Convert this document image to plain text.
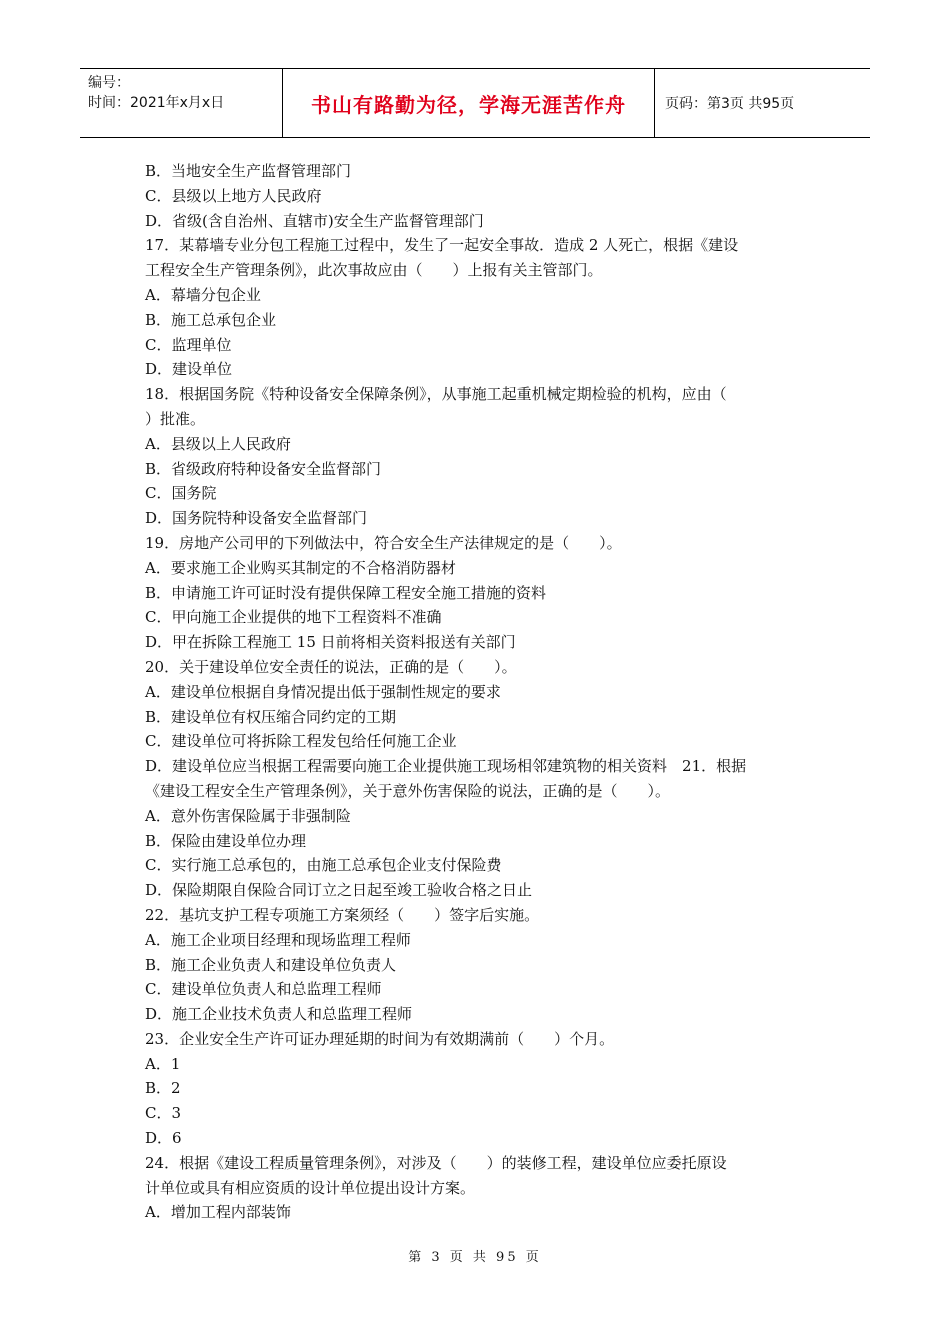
编号：
时间：2021年x月x日	书山有路勤为径，学海无涯苦作舟	页码：第3页 共95页
B．当地安全生产监督管理部门
C．县级以上地方人民政府
D．省级(含自治州、直辖市)安全生产监督管理部门
17．某幕墙专业分包工程施工过程中，发生了一起安全事故．造成 2 人死亡，根据《建设
工程安全生产管理条例》，此次事故应由（　　）上报有关主管部门。
A．幕墙分包企业
B．施工总承包企业
C．监理单位
D．建设单位
18．根据国务院《特种设备安全保障条例》，从事施工起重机械定期检验的机构，应由（
）批准。
A．县级以上人民政府
B．省级政府特种设备安全监督部门
C．国务院
D．国务院特种设备安全监督部门
19．房地产公司甲的下列做法中，符合安全生产法律规定的是（　　）。
A．要求施工企业购买其制定的不合格消防器材
B．申请施工许可证时没有提供保障工程安全施工措施的资料
C．甲向施工企业提供的地下工程资料不准确
D．甲在拆除工程施工 15 日前将相关资料报送有关部门
20．关于建设单位安全责任的说法，正确的是（　　）。
A．建设单位根据自身情况提出低于强制性规定的要求
B．建设单位有权压缩合同约定的工期
C．建设单位可将拆除工程发包给任何施工企业
D．建设单位应当根据工程需要向施工企业提供施工现场相邻建筑物的相关资料　21．根据
《建设工程安全生产管理条例》，关于意外伤害保险的说法，正确的是（　　）。
A．意外伤害保险属于非强制险
B．保险由建设单位办理
C．实行施工总承包的，由施工总承包企业支付保险费
D．保险期限自保险合同订立之日起至竣工验收合格之日止
22．基坑支护工程专项施工方案须经（　　）签字后实施。
A．施工企业项目经理和现场监理工程师
B．施工企业负责人和建设单位负责人
C．建设单位负责人和总监理工程师
D．施工企业技术负责人和总监理工程师
23．企业安全生产许可证办理延期的时间为有效期满前（　　）个月。
A．1
B．2
C．3
D．6
24．根据《建设工程质量管理条例》，对涉及（　　）的装修工程，建设单位应委托原设
计单位或具有相应资质的设计单位提出设计方案。
A．增加工程内部装饰
第 3 页 共 95 页
